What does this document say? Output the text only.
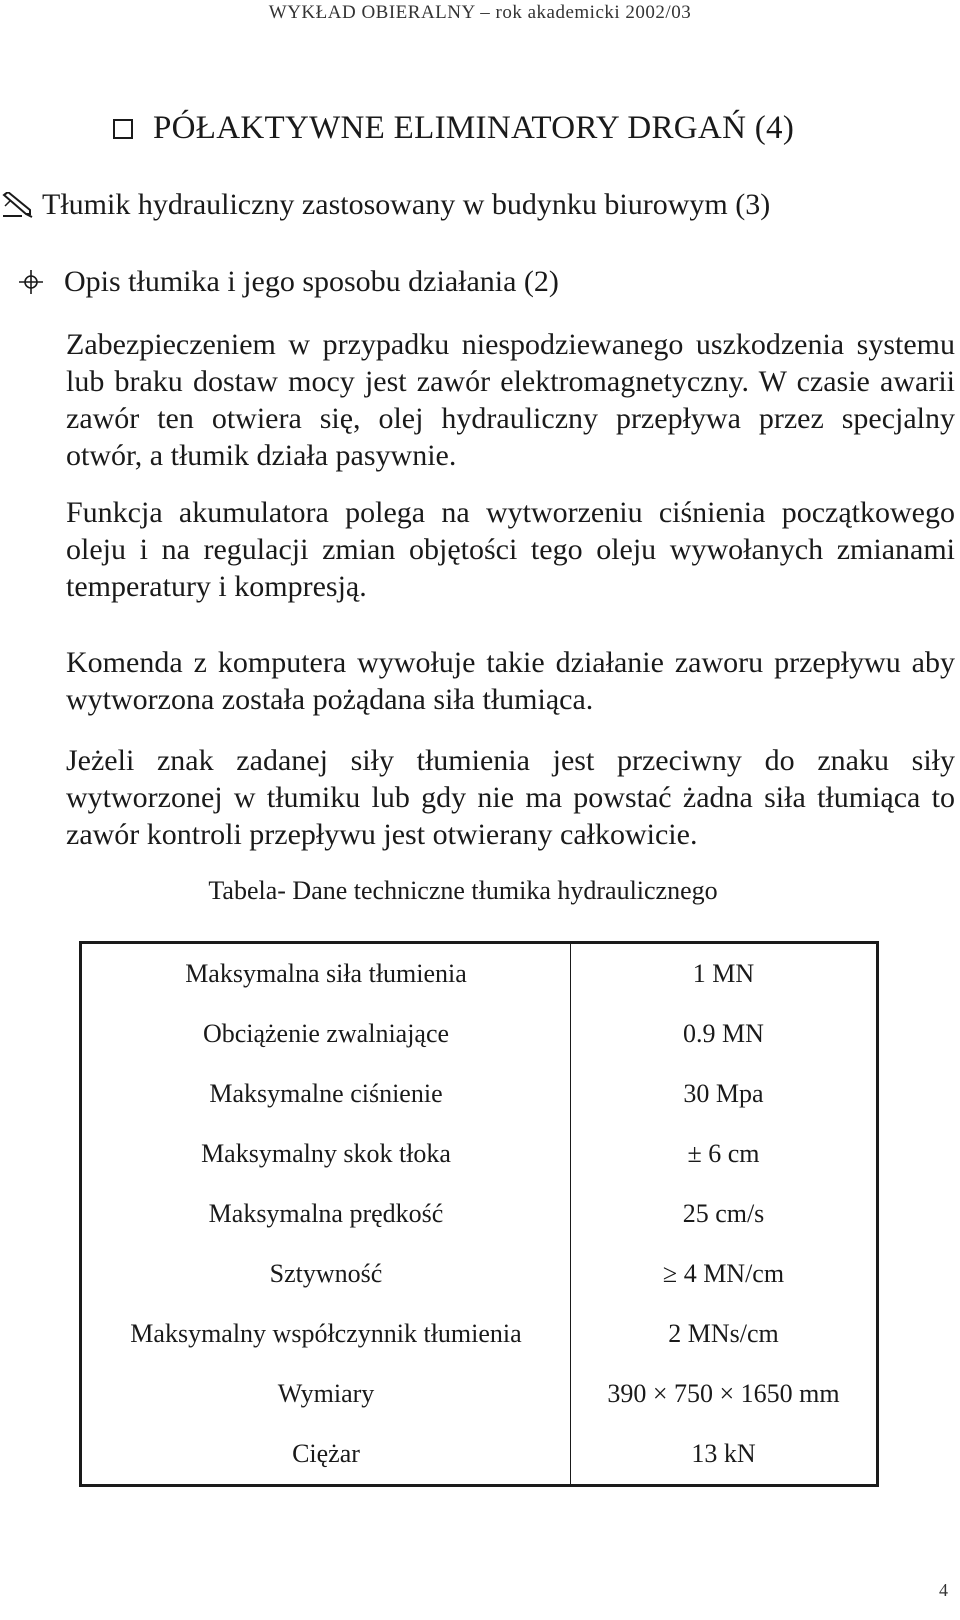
WYKŁAD OBIERALNY – rok akademicki 2002/03
PÓŁAKTYWNE ELIMINATORY DRGAŃ (4)
Tłumik hydrauliczny zastosowany w budynku biurowym (3)
Opis tłumika i jego sposobu działania (2)

Zabezpieczeniem w przypadku niespodziewanego uszkodzenia systemu lub braku dostaw mocy jest zawór elektromagnetyczny. W czasie awarii zawór ten otwiera się, olej hydrauliczny przepływa przez specjalny otwór, a tłumik działa pasywnie.

Funkcja akumulatora polega na wytworzeniu ciśnienia początkowego oleju i na regulacji zmian objętości tego oleju wywołanych zmianami temperatury i kompresją.

Komenda z komputera wywołuje takie działanie zaworu przepływu aby wytworzona została pożądana siła tłumiąca.

Jeżeli znak zadanej siły tłumienia jest przeciwny do znaku siły wytworzonej w tłumiku lub gdy nie ma powstać żadna siła tłumiąca to zawór kontroli przepływu jest otwierany całkowicie.

Tabela- Dane techniczne tłumika hydraulicznego
Maksymalna siła tłumienia	1 MN
Obciążenie zwalniające	0.9 MN
Maksymalne ciśnienie	30 Mpa
Maksymalny skok tłoka	± 6 cm
Maksymalna prędkość	25 cm/s
Sztywność	≥ 4 MN/cm
Maksymalny współczynnik tłumienia	2 MNs/cm
Wymiary	390 × 750 × 1650 mm
Ciężar	13 kN
4
